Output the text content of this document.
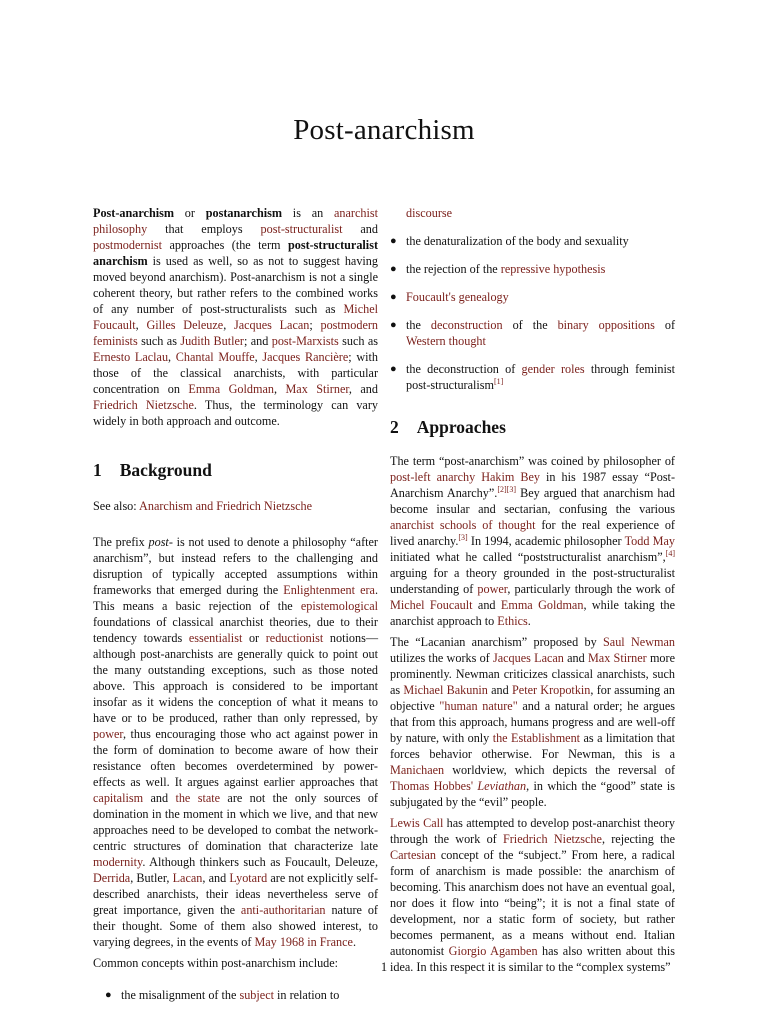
Post-anarchism

Post-anarchism or postanarchism is an anarchist philosophy that employs post-structuralist and postmodernist approaches (the term post-structuralist anarchism is used as well, so as not to suggest having moved beyond anarchism). Post-anarchism is not a single coherent theory, but rather refers to the combined works of any number of post-structuralists such as Michel Foucault, Gilles Deleuze, Jacques Lacan; postmodern feminists such as Judith Butler; and post-Marxists such as Ernesto Laclau, Chantal Mouffe, Jacques Rancière; with those of the classical anarchists, with particular concentration on Emma Goldman, Max Stirner, and Friedrich Nietzsche. Thus, the terminology can vary widely in both approach and outcome.

1 Background

See also: Anarchism and Friedrich Nietzsche

The prefix post- is not used to denote a philosophy “after anarchism”, but instead refers to the challenging and disruption of typically accepted assumptions within frameworks that emerged during the Enlightenment era. This means a basic rejection of the epistemological foundations of classical anarchist theories, due to their tendency towards essentialist or reductionist notions—although post-anarchists are generally quick to point out the many outstanding exceptions, such as those noted above. This approach is considered to be important insofar as it widens the conception of what it means to have or to be produced, rather than only repressed, by power, thus encouraging those who act against power in the form of domination to become aware of how their resistance often becomes overdetermined by power-effects as well. It argues against earlier approaches that capitalism and the state are not the only sources of domination in the moment in which we live, and that new approaches need to be developed to combat the network-centric structures of domination that characterize late modernity. Although thinkers such as Foucault, Deleuze, Derrida, Butler, Lacan, and Lyotard are not explicitly self-described anarchists, their ideas nevertheless serve of great importance, given the anti-authoritarian nature of their thought. Some of them also showed interest, to varying degrees, in the events of May 1968 in France.

Common concepts within post-anarchism include:

● the misalignment of the subject in relation to
discourse
● the denaturalization of the body and sexuality
● the rejection of the repressive hypothesis
● Foucault's genealogy
● the deconstruction of the binary oppositions of Western thought
● the deconstruction of gender roles through feminist post-structuralism[1]
2 Approaches

The term “post-anarchism” was coined by philosopher of post-left anarchy Hakim Bey in his 1987 essay “Post-Anarchism Anarchy”.[2][3] Bey argued that anarchism had become insular and sectarian, confusing the various anarchist schools of thought for the real experience of lived anarchy.[3] In 1994, academic philosopher Todd May initiated what he called “poststructuralist anarchism”,[4] arguing for a theory grounded in the post-structuralist understanding of power, particularly through the work of Michel Foucault and Emma Goldman, while taking the anarchist approach to Ethics.

The “Lacanian anarchism” proposed by Saul Newman utilizes the works of Jacques Lacan and Max Stirner more prominently. Newman criticizes classical anarchists, such as Michael Bakunin and Peter Kropotkin, for assuming an objective "human nature" and a natural order; he argues that from this approach, humans progress and are well-off by nature, with only the Establishment as a limitation that forces behavior otherwise. For Newman, this is a Manichaen worldview, which depicts the reversal of Thomas Hobbes' Leviathan, in which the “good” state is subjugated by the “evil” people.

Lewis Call has attempted to develop post-anarchist theory through the work of Friedrich Nietzsche, rejecting the Cartesian concept of the “subject.” From here, a radical form of anarchism is made possible: the anarchism of becoming. This anarchism does not have an eventual goal, nor does it flow into “being”; it is not a final state of development, nor a static form of society, but rather becomes permanent, as a means without end. Italian autonomist Giorgio Agamben has also written about this idea. In this respect it is similar to the “complex systems”

1
